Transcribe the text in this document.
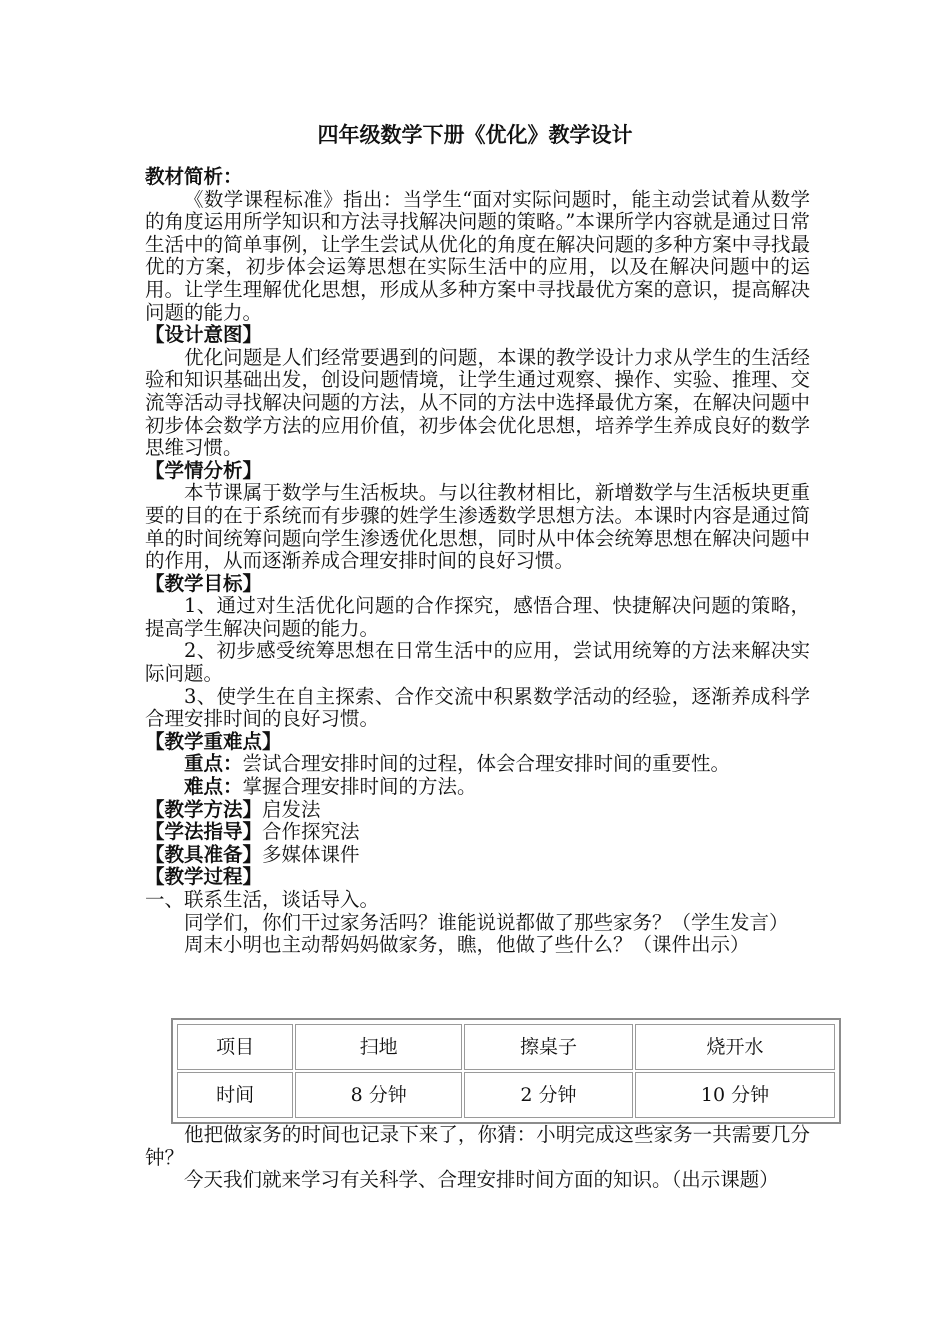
四年级数学下册《优化》教学设计

教材简析：

《数学课程标准》指出：当学生“面对实际问题时，能主动尝试着从数学的角度运用所学知识和方法寻找解决问题的策略。”本课所学内容就是通过日常生活中的简单事例，让学生尝试从优化的角度在解决问题的多种方案中寻找最优的方案，初步体会运筹思想在实际生活中的应用，以及在解决问题中的运用。让学生理解优化思想，形成从多种方案中寻找最优方案的意识，提高解决问题的能力。

【设计意图】

优化问题是人们经常要遇到的问题，本课的教学设计力求从学生的生活经验和知识基础出发，创设问题情境，让学生通过观察、操作、实验、推理、交流等活动寻找解决问题的方法，从不同的方法中选择最优方案，在解决问题中初步体会数学方法的应用价值，初步体会优化思想，培养学生养成良好的数学思维习惯。

【学情分析】

本节课属于数学与生活板块。与以往教材相比，新增数学与生活板块更重要的目的在于系统而有步骤的姓学生渗透数学思想方法。本课时内容是通过简单的时间统筹问题向学生渗透优化思想，同时从中体会统筹思想在解决问题中的作用，从而逐渐养成合理安排时间的良好习惯。

【教学目标】

1、通过对生活优化问题的合作探究，感悟合理、快捷解决问题的策略，提高学生解决问题的能力。

2、初步感受统筹思想在日常生活中的应用，尝试用统筹的方法来解决实际问题。

3、使学生在自主探索、合作交流中积累数学活动的经验，逐渐养成科学合理安排时间的良好习惯。

【教学重难点】

重点：尝试合理安排时间的过程，体会合理安排时间的重要性。

难点：掌握合理安排时间的方法。

【教学方法】启发法

【学法指导】合作探究法

【教具准备】多媒体课件

【教学过程】

一、联系生活，谈话导入。

同学们，你们干过家务活吗？谁能说说都做了那些家务？（学生发言）

周末小明也主动帮妈妈做家务，瞧，他做了些什么？（课件出示）

项目	扫地	擦桌子	烧开水
时间	8 分钟	2 分钟	10 分钟

他把做家务的时间也记录下来了，你猜：小明完成这些家务一共需要几分钟？

今天我们就来学习有关科学、合理安排时间方面的知识。（出示课题）
